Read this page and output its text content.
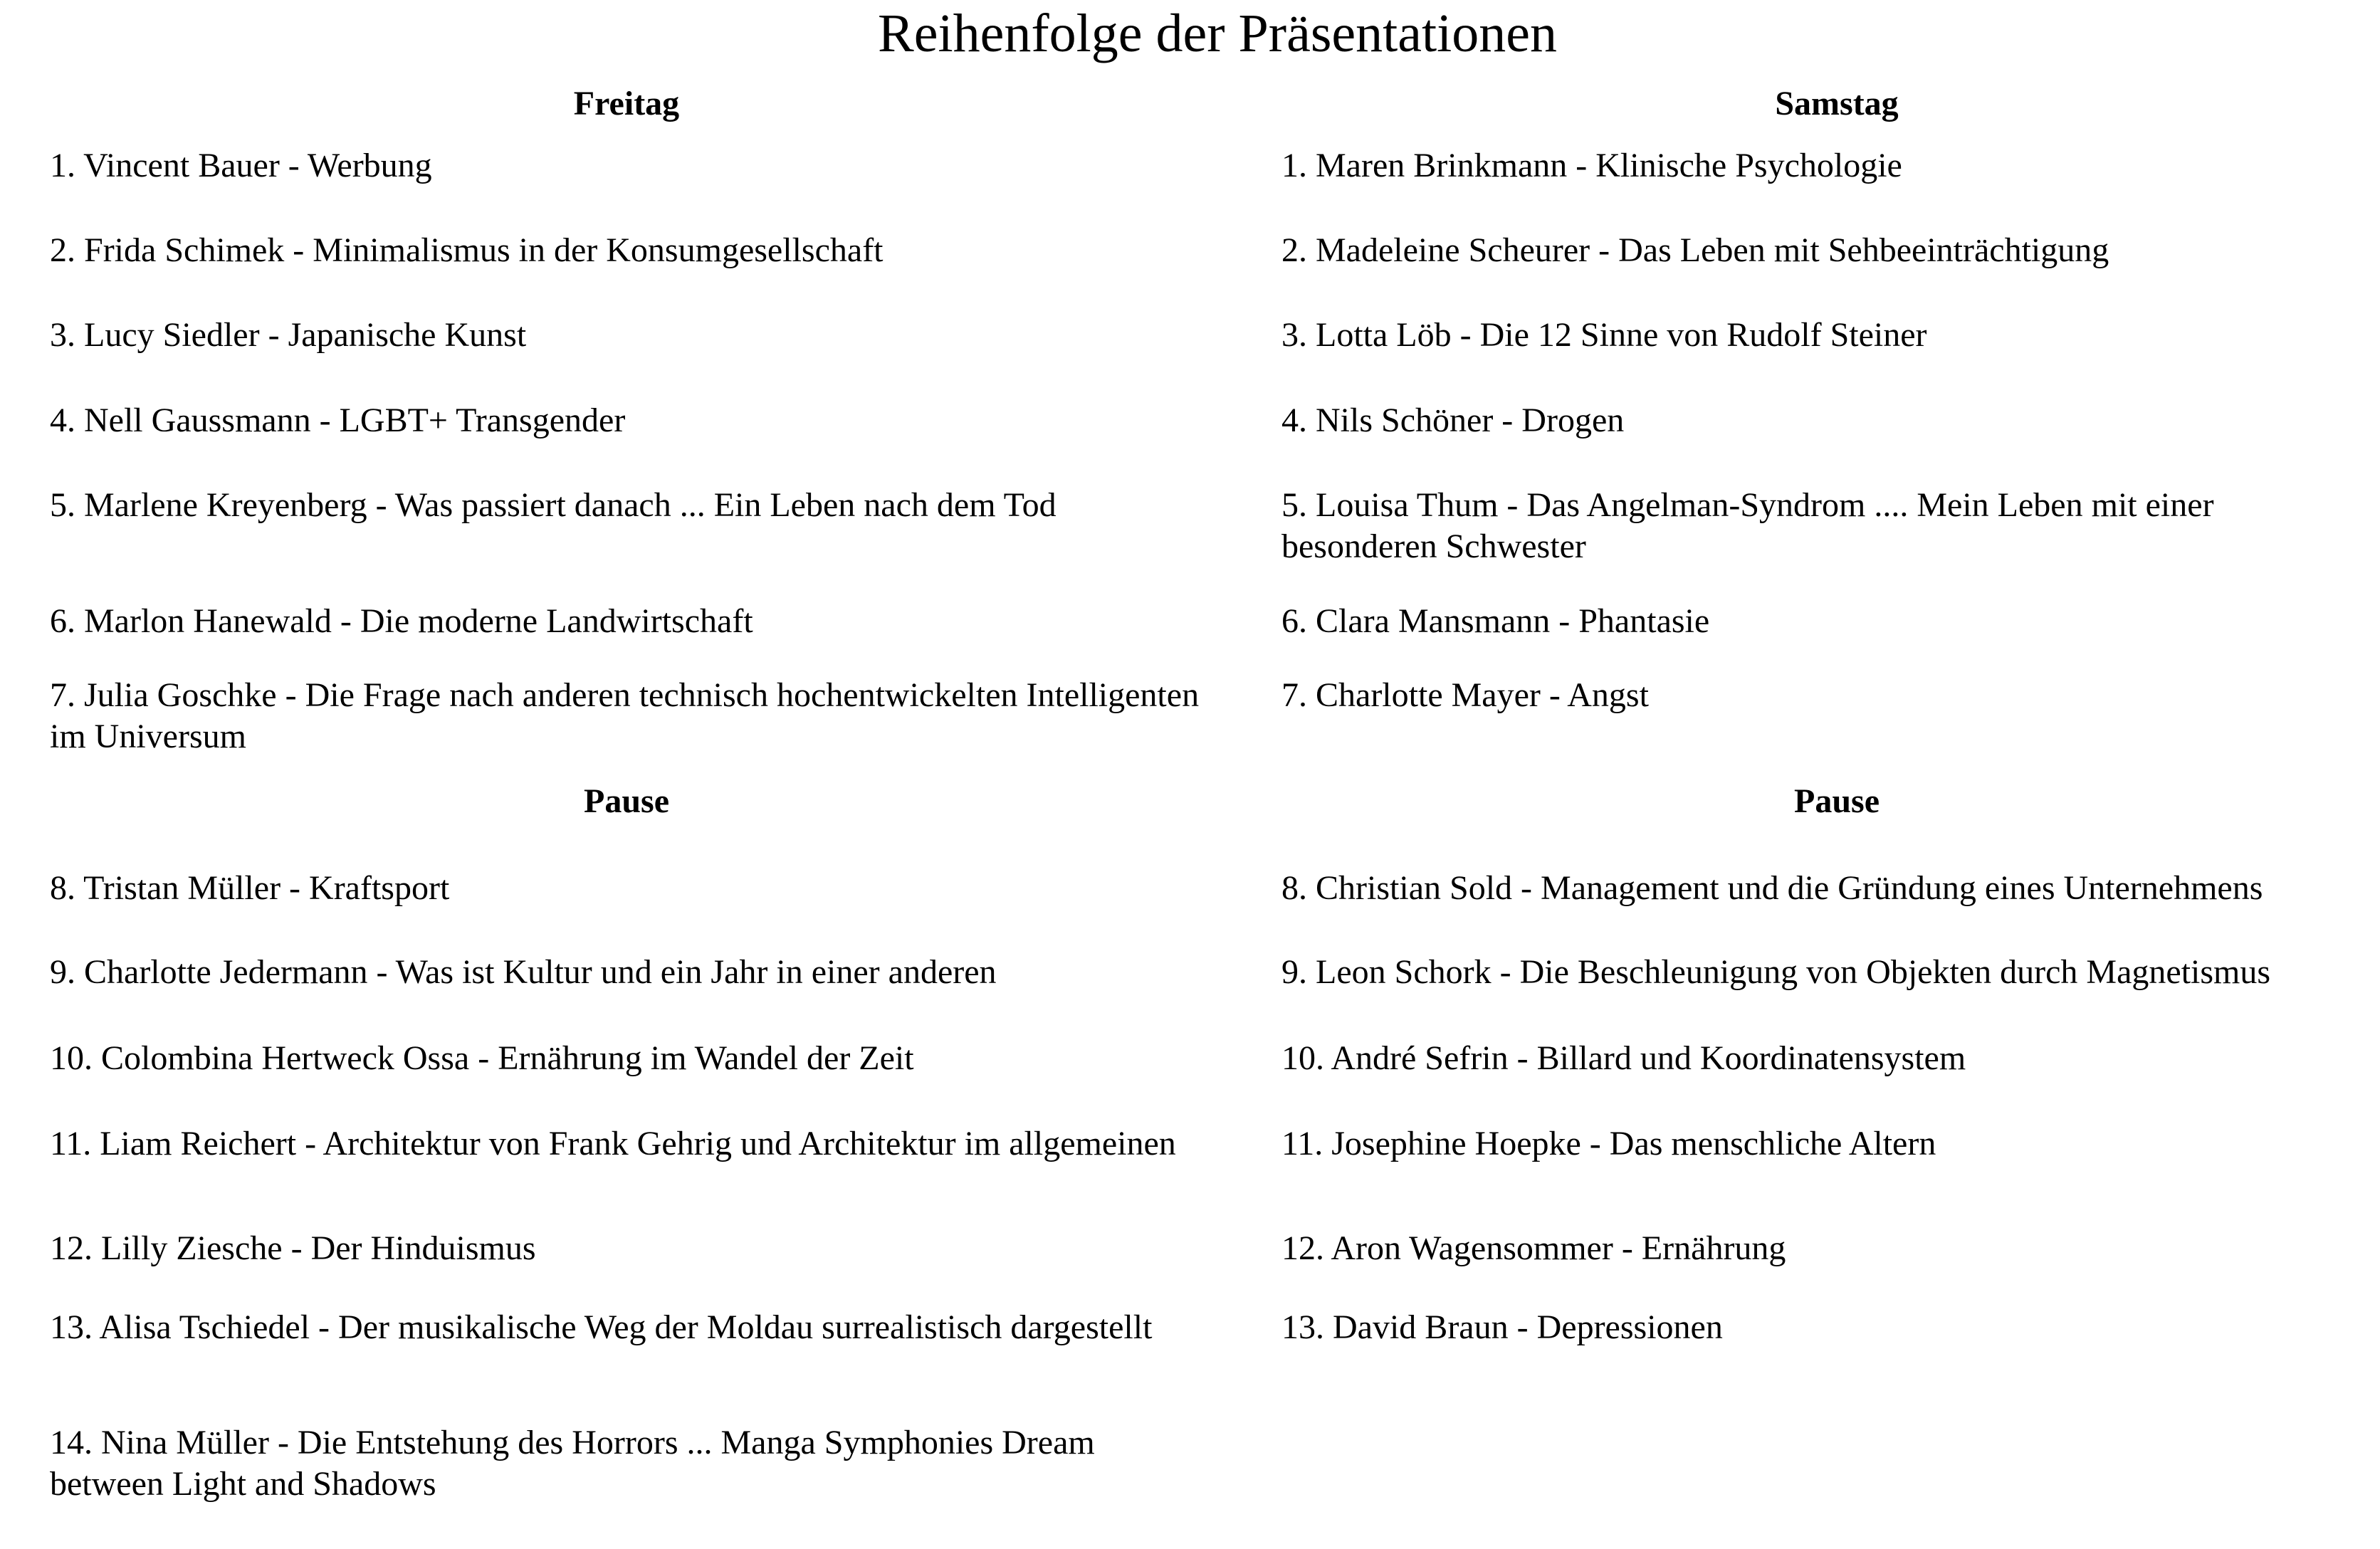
Reihenfolge der Präsentationen
Freitag
1. Vincent Bauer - Werbung
2. Frida Schimek - Minimalismus in der Konsumgesellschaft
3. Lucy Siedler - Japanische Kunst
4. Nell Gaussmann - LGBT+ Transgender
5. Marlene Kreyenberg - Was passiert danach ... Ein Leben nach dem Tod
6. Marlon Hanewald - Die moderne Landwirtschaft
7. Julia Goschke - Die Frage nach anderen technisch hochentwickelten Intelligenten im Universum
Pause
8. Tristan Müller - Kraftsport
9. Charlotte Jedermann - Was ist Kultur und ein Jahr in einer anderen
10. Colombina Hertweck Ossa - Ernährung im Wandel der Zeit
11. Liam Reichert - Architektur von Frank Gehrig und Architektur im allgemeinen
12. Lilly Ziesche - Der Hinduismus
13. Alisa Tschiedel - Der musikalische Weg der Moldau surrealistisch dargestellt
14. Nina Müller - Die Entstehung des Horrors ... Manga Symphonies Dream between Light and Shadows
Samstag
1. Maren Brinkmann - Klinische Psychologie
2. Madeleine Scheurer - Das Leben mit Sehbeeinträchtigung
3. Lotta Löb - Die 12 Sinne von Rudolf Steiner
4. Nils Schöner - Drogen
5. Louisa Thum - Das Angelman-Syndrom .... Mein Leben mit einer besonderen Schwester
6. Clara Mansmann - Phantasie
7. Charlotte Mayer - Angst
Pause
8. Christian Sold - Management und die Gründung eines Unternehmens
9. Leon Schork - Die Beschleunigung von Objekten durch Magnetismus
10. André Sefrin - Billard und Koordinatensystem
11. Josephine Hoepke - Das menschliche Altern
12. Aron Wagensommer - Ernährung
13. David Braun - Depressionen
